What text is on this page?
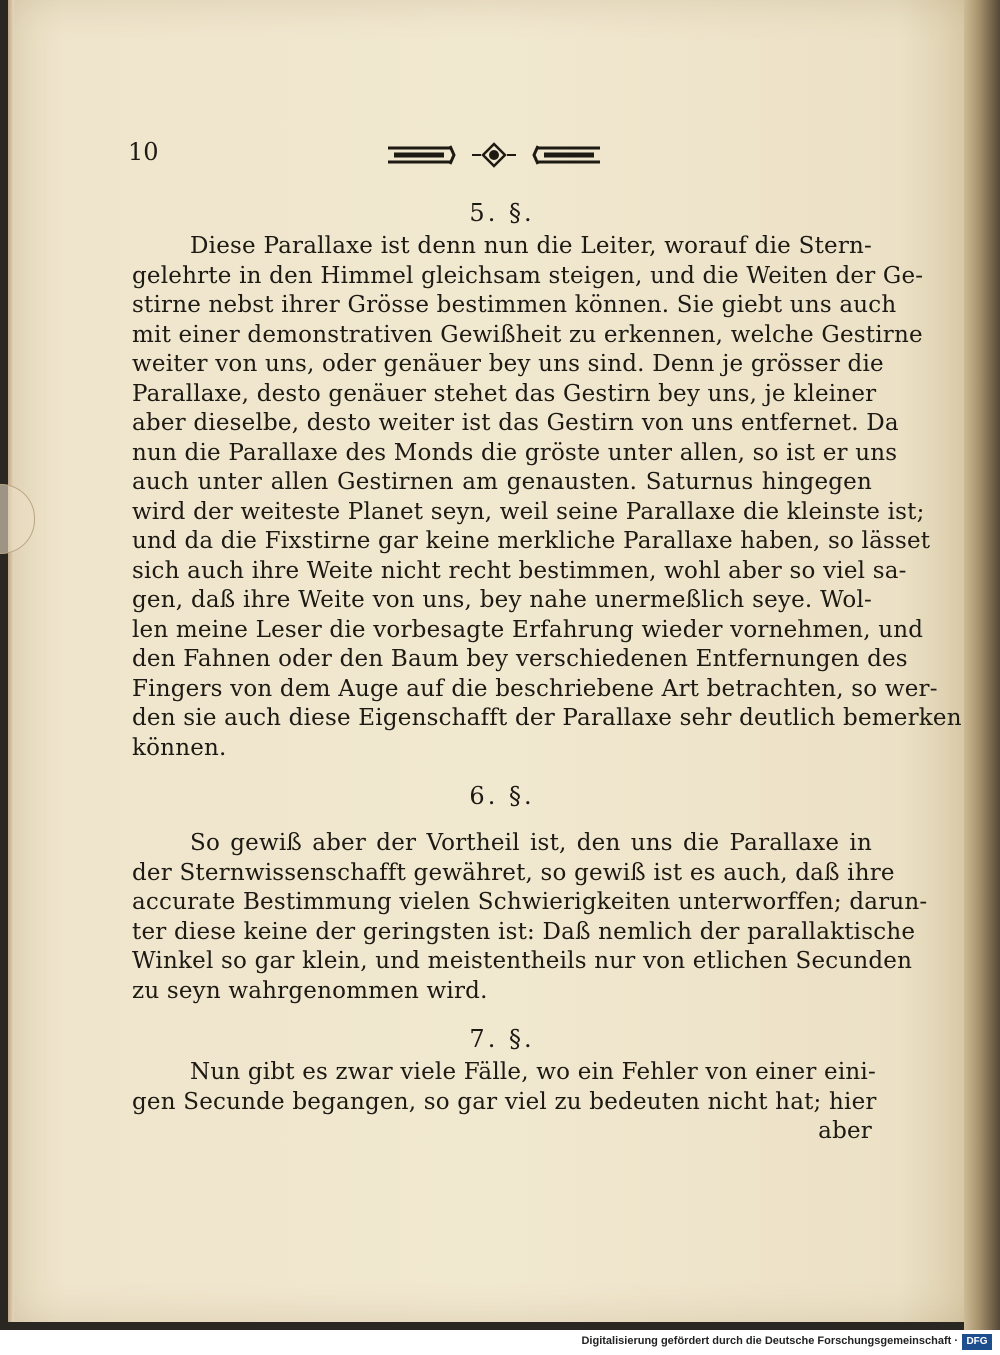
10
5. §.
Diese Parallaxe ist denn nun die Leiter, worauf die Stern-
gelehrte in den Himmel gleichsam steigen, und die Weiten der Ge-
stirne nebst ihrer Grösse bestimmen können. Sie giebt uns auch
mit einer demonstrativen Gewißheit zu erkennen, welche Gestirne
weiter von uns, oder genäuer bey uns sind. Denn je grösser die
Parallaxe, desto genäuer stehet das Gestirn bey uns, je kleiner
aber dieselbe, desto weiter ist das Gestirn von uns entfernet. Da
nun die Parallaxe des Monds die gröste unter allen, so ist er uns
auch unter allen Gestirnen am genausten. Saturnus hingegen
wird der weiteste Planet seyn, weil seine Parallaxe die kleinste ist;
und da die Fixstirne gar keine merkliche Parallaxe haben, so lässet
sich auch ihre Weite nicht recht bestimmen, wohl aber so viel sa-
gen, daß ihre Weite von uns, bey nahe unermeßlich seye. Wol-
len meine Leser die vorbesagte Erfahrung wieder vornehmen, und
den Fahnen oder den Baum bey verschiedenen Entfernungen des
Fingers von dem Auge auf die beschriebene Art betrachten, so wer-
den sie auch diese Eigenschafft der Parallaxe sehr deutlich bemerken
können.
6. §.
So gewiß aber der Vortheil ist, den uns die Parallaxe in
der Sternwissenschafft gewähret, so gewiß ist es auch, daß ihre
accurate Bestimmung vielen Schwierigkeiten unterworffen; darun-
ter diese keine der geringsten ist: Daß nemlich der parallaktische
Winkel so gar klein, und meistentheils nur von etlichen Secunden
zu seyn wahrgenommen wird.
7. §.
Nun gibt es zwar viele Fälle, wo ein Fehler von einer eini-
gen Secunde begangen, so gar viel zu bedeuten nicht hat; hier
aber
Digitalisierung gefördert durch die Deutsche Forschungsgemeinschaft · DFG
